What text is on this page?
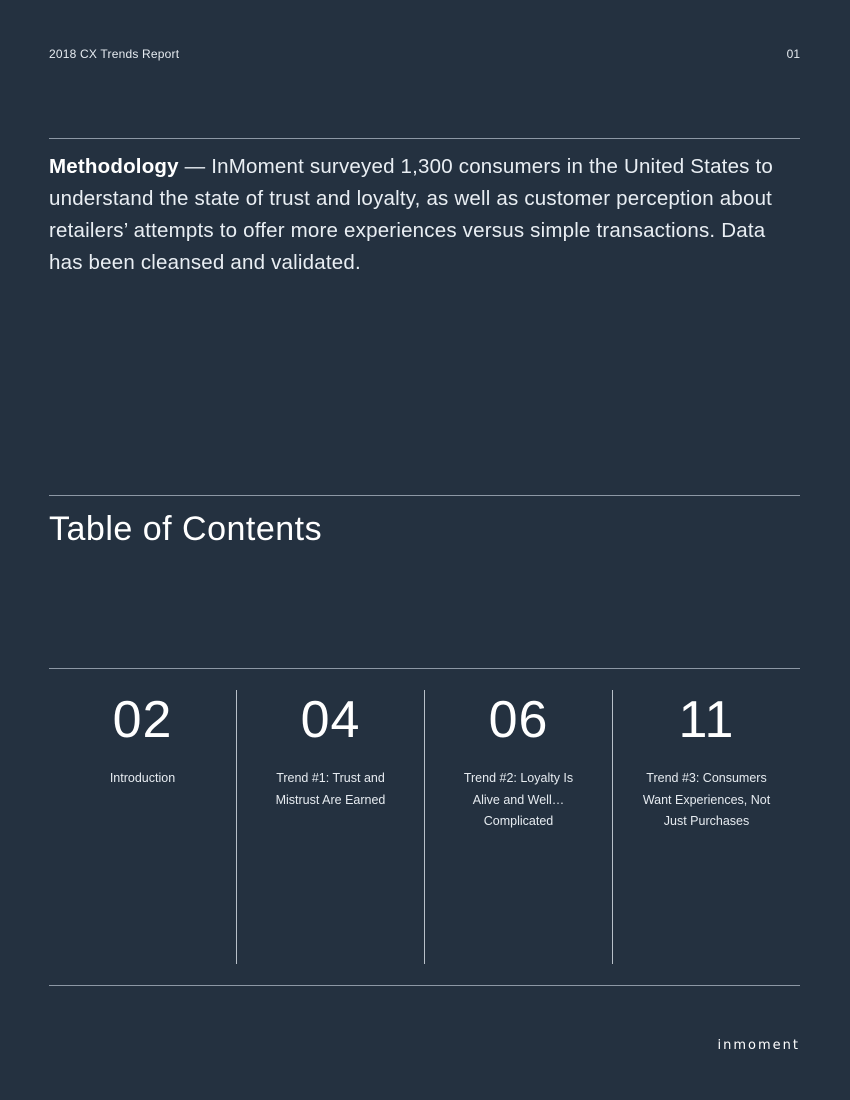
2018 CX Trends Report	01
Methodology — InMoment surveyed 1,300 consumers in the United States to understand the state of trust and loyalty, as well as customer perception about retailers’ attempts to offer more experiences versus simple transactions. Data has been cleansed and validated.
Table of Contents
02
Introduction
04
Trend #1: Trust and Mistrust Are Earned
06
Trend #2: Loyalty Is Alive and Well… Complicated
11
Trend #3: Consumers Want Experiences, Not Just Purchases
inmoment
